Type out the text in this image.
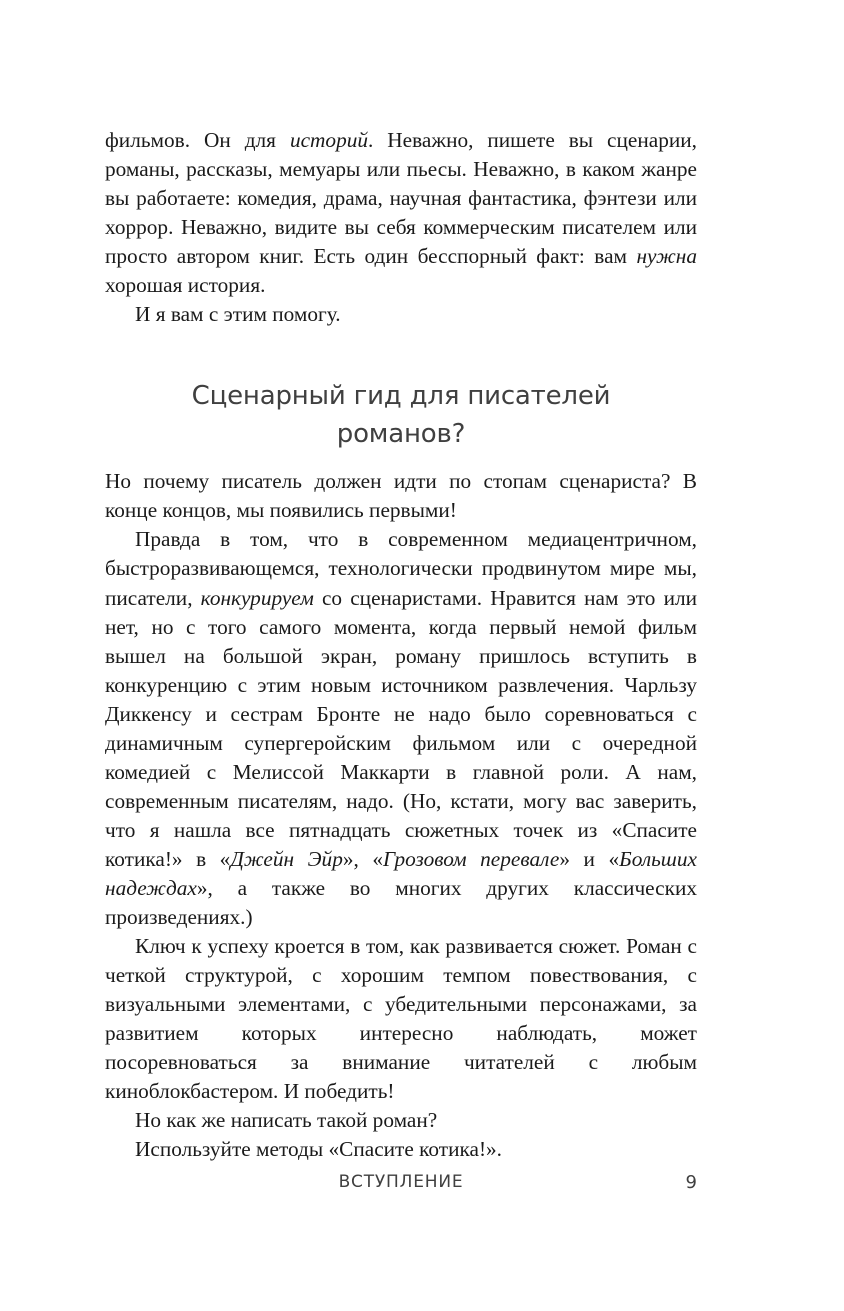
фильмов. Он для историй. Неважно, пишете вы сценарии, романы, рассказы, мемуары или пьесы. Неважно, в каком жанре вы работаете: комедия, драма, научная фантастика, фэнтези или хоррор. Неважно, видите вы себя коммерческим писателем или просто автором книг. Есть один бесспорный факт: вам нужна хорошая история.

И я вам с этим помогу.

Сценарный гид для писателей
романов?

Но почему писатель должен идти по стопам сценариста? В конце концов, мы появились первыми!

Правда в том, что в современном медиацентричном, быстроразвивающемся, технологически продвинутом мире мы, писатели, конкурируем со сценаристами. Нравится нам это или нет, но с того самого момента, когда первый немой фильм вышел на большой экран, роману пришлось вступить в конкуренцию с этим новым источником развлечения. Чарльзу Диккенсу и сестрам Бронте не надо было соревноваться с динамичным супергеройским фильмом или с очередной комедией с Мелиссой Маккарти в главной роли. А нам, современным писателям, надо. (Но, кстати, могу вас заверить, что я нашла все пятнадцать сюжетных точек из «Спасите котика!» в «Джейн Эйр», «Грозовом перевале» и «Больших надеждах», а также во многих других классических произведениях.)

Ключ к успеху кроется в том, как развивается сюжет. Роман с четкой структурой, с хорошим темпом повествования, с визуальными элементами, с убедительными персонажами, за развитием которых интересно наблюдать, может посоревноваться за внимание читателей с любым киноблокбастером. И победить!

Но как же написать такой роман?

Используйте методы «Спасите котика!».

ВСТУПЛЕНИЕ	9
